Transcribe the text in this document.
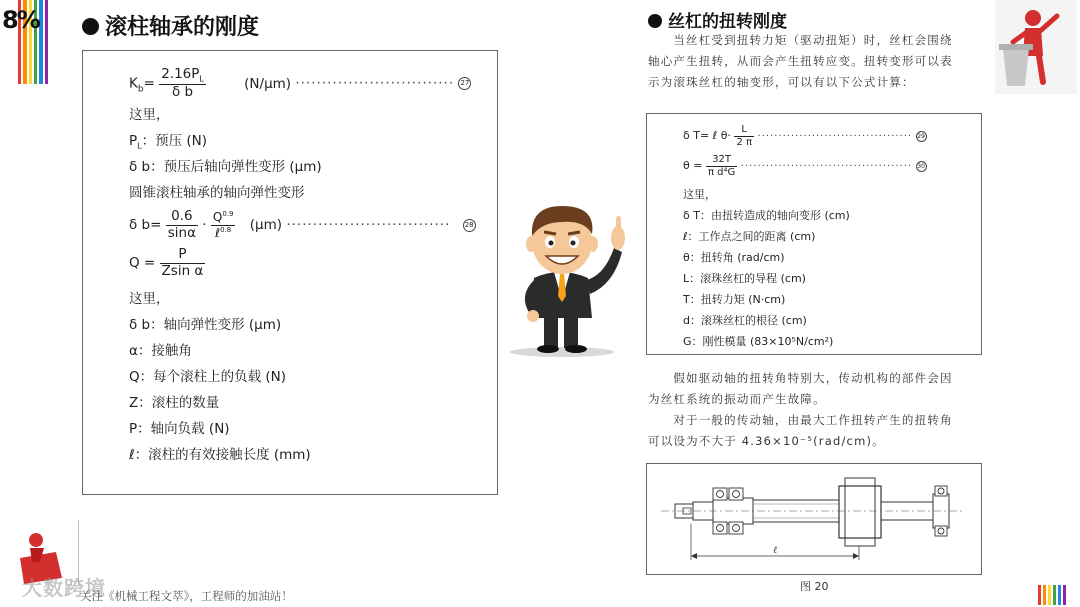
8%	滚柱轴承的刚度
$K_b= \frac{2.16P_L}{\text{δ b}}$	(N/μm) ······························ 27
这里，
$P_L$：预压 (N)
δ b：预压后轴向弹性变形 (μm)
圆锥滚柱轴承的轴向弹性变形
δ $b= \frac{0.6}{\sin\alpha} \cdot \frac{Q^{0.9}}{\ell^{0.8}} (\mu m)$ ······························· 28
$Q = \frac{P}{\text{Zsin α}}$
这里，
δ b：轴向弹性变形 (μm)
α：接触角
Q：每个滚柱上的负载 (N)
Z：滚柱的数量
P：轴向负载 (N)
ℓ：滚柱的有效接触长度 (mm)
丝杠的扭转刚度
当丝杠受到扭转力矩（驱动扭矩）时，丝杠会围绕
轴心产生扭转，从而会产生扭转应变。扭转变形可以表
示为滚珠丝杠的轴变形，可以有以下公式计算：
δ T= ℓ $\theta\cdot \frac{L}{2 \pi}$ ····································· 29
$\theta = \frac{32T}{\text{π d⁴G}}$ ········································· 30
这里，
δ T：由扭转造成的轴向变形 (cm)
ℓ：工作点之间的距离 (cm)
θ：扭转角 (rad/cm)
L：滚珠丝杠的导程 (cm)
T：扭转力矩 (N·cm)
d：滚珠丝杠的根径 (cm)
G：刚性模量 (83×10⁵N/cm²)
假如驱动轴的扭转角特别大，传动机构的部件会因
为丝杠系统的振动而产生故障。
对于一般的传动轴，由最大工作扭转产生的扭转角
可以设为不大于 4.36×10⁻⁵(rad/cm)。
ℓ
图 20
大数跨境
关注《机械工程文萃》，工程师的加油站！
